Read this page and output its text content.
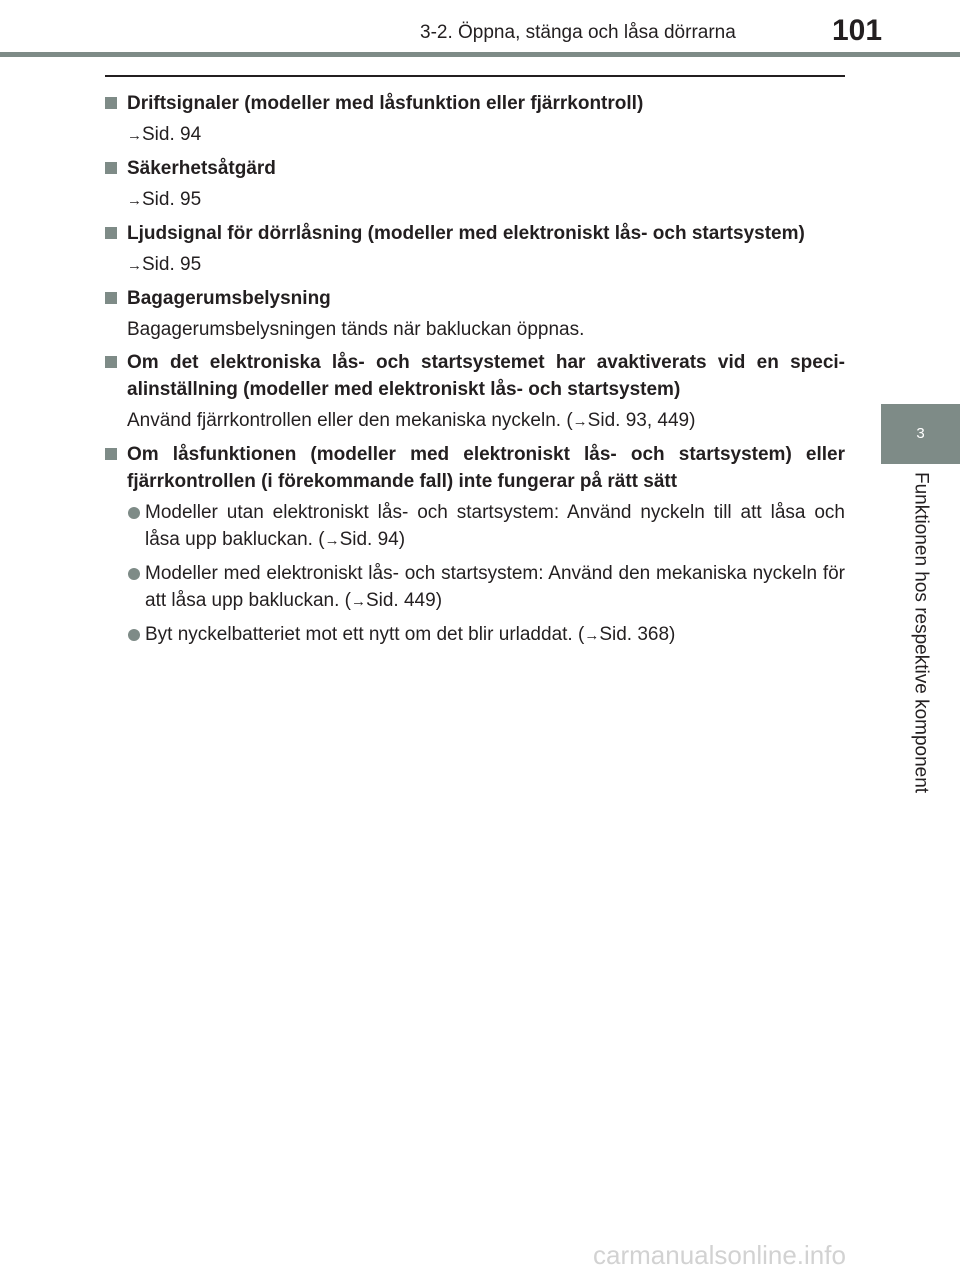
3-2. Öppna, stänga och låsa dörrarna	101
3
Funktionen hos respektive komponent
Driftsignaler (modeller med låsfunktion eller fjärrkontroll)
→Sid. 94
Säkerhetsåtgärd
→Sid. 95
Ljudsignal för dörrlåsning (modeller med elektroniskt lås- och startsystem)
→Sid. 95
Bagagerumsbelysning
Bagagerumsbelysningen tänds när bakluckan öppnas.
Om det elektroniska lås- och startsystemet har avaktiverats vid en speci-alinställning (modeller med elektroniskt lås- och startsystem)
Använd fjärrkontrollen eller den mekaniska nyckeln. (→Sid. 93, 449)
Om låsfunktionen (modeller med elektroniskt lås- och startsystem) eller fjärrkontrollen (i förekommande fall) inte fungerar på rätt sätt
Modeller utan elektroniskt lås- och startsystem: Använd nyckeln till att låsa och låsa upp bakluckan. (→Sid. 94)
Modeller med elektroniskt lås- och startsystem: Använd den mekaniska nyckeln för att låsa upp bakluckan. (→Sid. 449)
Byt nyckelbatteriet mot ett nytt om det blir urladdat. (→Sid. 368)
carmanualsonline.info
